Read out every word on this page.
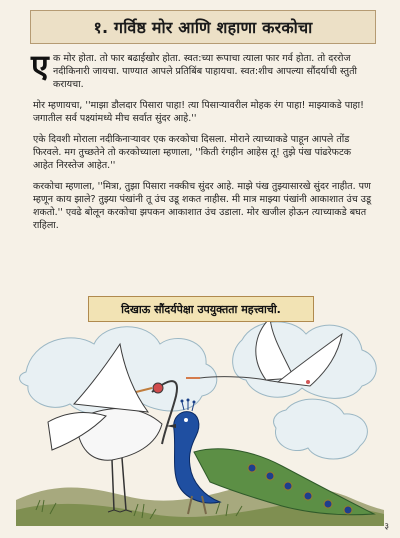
१. गर्विष्ठ मोर आणि शहाणा करकोचा

ए क मोर होता. तो फार बढाईखोर होता. स्वत:च्या रूपाचा त्याला फार गर्व होता. तो दररोज नदीकिनारी जायचा. पाण्यात आपले प्रतिबिंब पाहायचा. स्वत:शीच आपल्या सौंदर्याची स्तुती करायचा.

मोर म्हणायचा, ''माझा डौलदार पिसारा पाहा! त्या पिसाऱ्यावरील मोहक रंग पाहा! माझ्याकडे पाहा! जगातील सर्व पक्ष्यांमध्ये मीच सर्वात सुंदर आहे.''

एके दिवशी मोराला नदीकिनाऱ्यावर एक करकोचा दिसला. मोराने त्याच्याकडे पाहून आपले तोंड फिरवले. मग तुच्छतेने तो करकोच्याला म्हणाला, ''किती रंगहीन आहेस तू! तुझे पंख पांढरेफटक आहेत निरस्तेज आहेत.''

करकोचा म्हणाला, ''मित्रा, तुझा पिसारा नक्कीच सुंदर आहे. माझे पंख तुझ्यासारखे सुंदर नाहीत. पण म्हणून काय झाले? तुझ्या पंखांनी तू उंच उडू शकत नाहीस. मी मात्र माझ्या पंखांनी आकाशात उंच उडू शकतो.'' एवढे बोलून करकोचा झपकन आकाशात उंच उडाला. मोर खजील होऊन त्याच्याकडे बघत राहिला.

दिखाऊ सौंदर्यपेक्षा उपयुक्तता महत्त्वाची.
३
